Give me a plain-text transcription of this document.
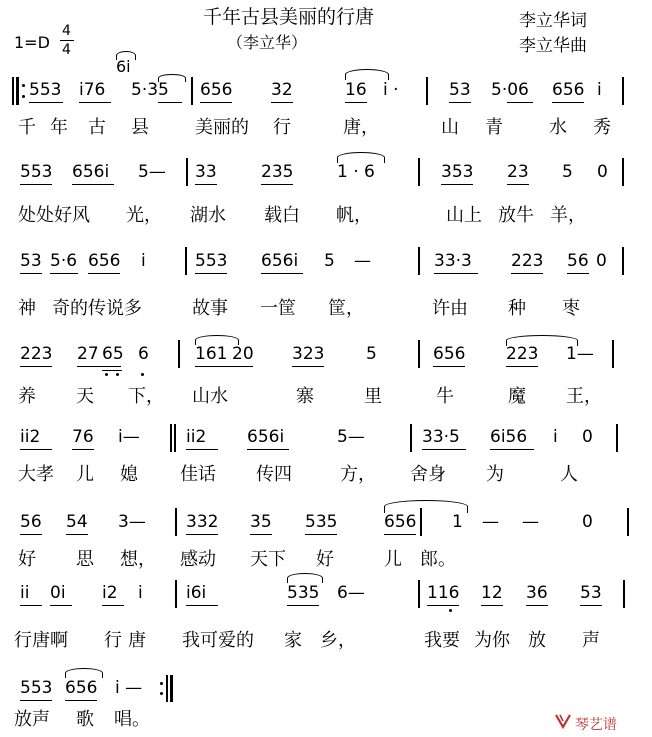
千年古县美丽的行唐
（李立华）
李立华词
李立华曲
1=D
4
4
553 i76
6i
5·35 656 32	16 i ·	53 5·06 656 i
千 年 古 县	美丽的 行	唐，	山 青	水 秀
553 656i 5— 33	235	1 · 6	353 23 5 0
处处好风 光， 湖水 载白 帆，	山上 放牛 羊，
53 5·6 656 i	553 656i 5 —	33·3 223 56 0
神 奇的传说多	故事 一筐 筐，	许由 种 枣
223 27 65 6	161 20 323 5	656 223 1—
养 天 下， 山水	寨	里	牛	魔 王，
ii2 76 i—	ii2 656i	5—	33·5 6i56 i 0
大孝 儿 媳 佳话 传四	方， 舍身 为	人
56 54 3— 332 35 535	656 1 — —	0
好 思 想， 感动 天下 好	儿 郎。
ii 0i i2 i	i6i	535 6—	116 12 36 53
行唐啊 行 唐 我可爱的 家 乡，	我要 为你 放 声
553 656 i —
放声 歌 唱。	琴艺谱
